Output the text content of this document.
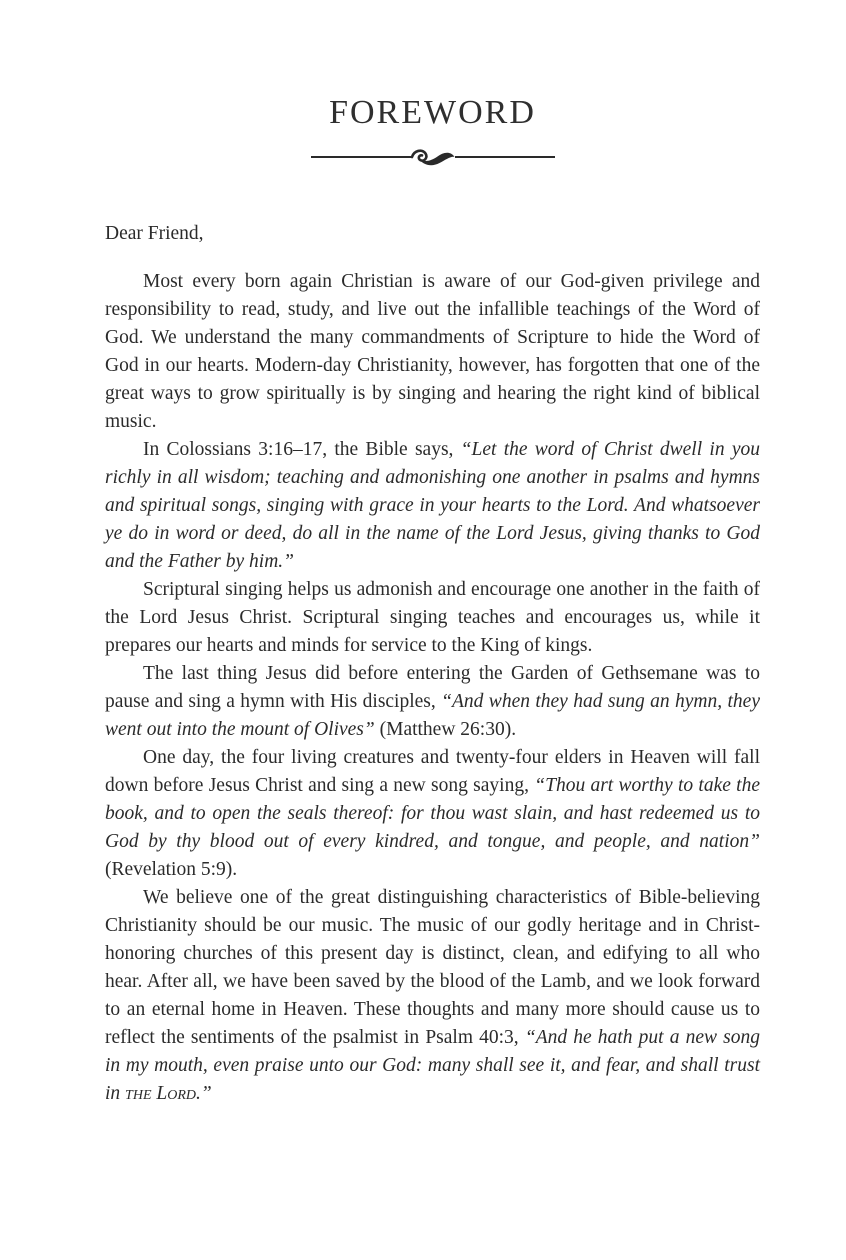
FOREWORD

Dear Friend,

Most every born again Christian is aware of our God-given privilege and responsibility to read, study, and live out the infallible teachings of the Word of God. We understand the many commandments of Scripture to hide the Word of God in our hearts. Modern-day Christianity, however, has forgotten that one of the great ways to grow spiritually is by singing and hearing the right kind of biblical music.

In Colossians 3:16–17, the Bible says, “Let the word of Christ dwell in you richly in all wisdom; teaching and admonishing one another in psalms and hymns and spiritual songs, singing with grace in your hearts to the Lord. And whatsoever ye do in word or deed, do all in the name of the Lord Jesus, giving thanks to God and the Father by him.”

Scriptural singing helps us admonish and encourage one another in the faith of the Lord Jesus Christ. Scriptural singing teaches and encourages us, while it prepares our hearts and minds for service to the King of kings.

The last thing Jesus did before entering the Garden of Gethsemane was to pause and sing a hymn with His disciples, “And when they had sung an hymn, they went out into the mount of Olives” (Matthew 26:30).

One day, the four living creatures and twenty-four elders in Heaven will fall down before Jesus Christ and sing a new song saying, “Thou art worthy to take the book, and to open the seals thereof: for thou wast slain, and hast redeemed us to God by thy blood out of every kindred, and tongue, and people, and nation” (Revelation 5:9).

We believe one of the great distinguishing characteristics of Bible-believing Christianity should be our music. The music of our godly heritage and in Christ-honoring churches of this present day is distinct, clean, and edifying to all who hear. After all, we have been saved by the blood of the Lamb, and we look forward to an eternal home in Heaven. These thoughts and many more should cause us to reflect the sentiments of the psalmist in Psalm 40:3, “And he hath put a new song in my mouth, even praise unto our God: many shall see it, and fear, and shall trust in the Lord.”
